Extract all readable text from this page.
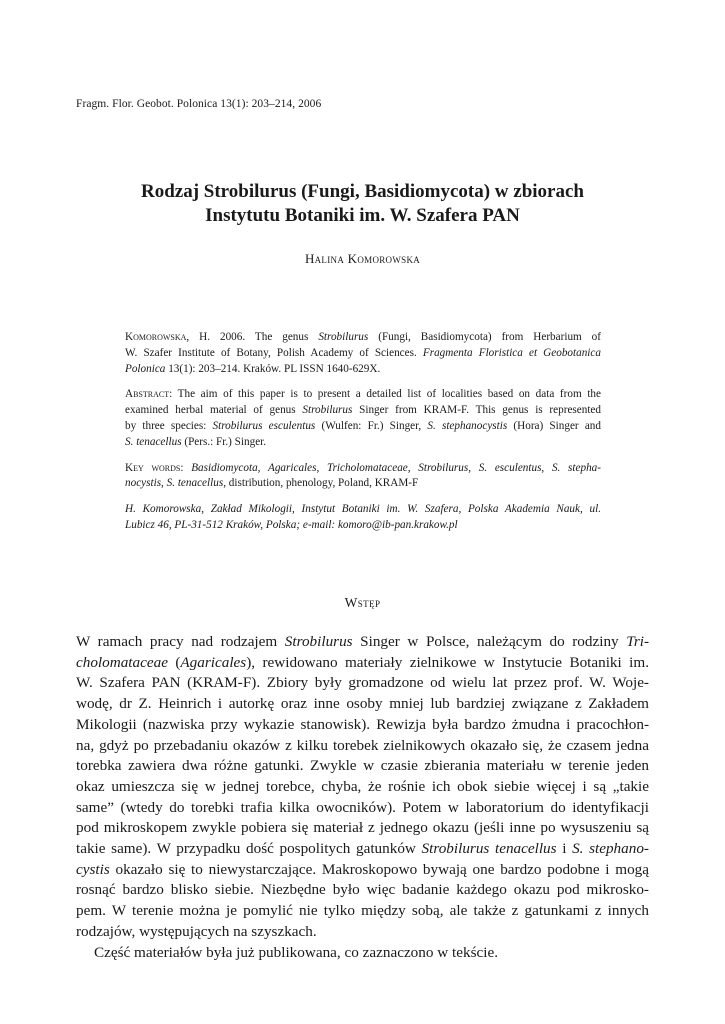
Fragm. Flor. Geobot. Polonica 13(1): 203–214, 2006
Rodzaj Strobilurus (Fungi, Basidiomycota) w zbiorach
Instytutu Botaniki im. W. Szafera PAN
Halina Komorowska

Komorowska, H. 2006. The genus Strobilurus (Fungi, Basidiomycota) from Herbarium of
W. Szafer Institute of Botany, Polish Academy of Sciences. Fragmenta Floristica et Geobotanica
Polonica 13(1): 203–214. Kraków. PL ISSN 1640-629X.

Abstract: The aim of this paper is to present a detailed list of localities based on data from the
examined herbal material of genus Strobilurus Singer from KRAM-F. This genus is represented
by three species: Strobilurus esculentus (Wulfen: Fr.) Singer, S. stephanocystis (Hora) Singer and
S. tenacellus (Pers.: Fr.) Singer.

Key words: Basidiomycota, Agaricales, Tricholomataceae, Strobilurus, S. esculentus, S. stepha-
nocystis, S. tenacellus, distribution, phenology, Poland, KRAM-F

H. Komorowska, Zakład Mikologii, Instytut Botaniki im. W. Szafera, Polska Akademia Nauk, ul.
Lubicz 46, PL-31-512 Kraków, Polska; e-mail: komoro@ib-pan.krakow.pl

Wstęp
W ramach pracy nad rodzajem Strobilurus Singer w Polsce, należącym do rodziny Tri-
cholomataceae (Agaricales), rewidowano materiały zielnikowe w Instytucie Botaniki im.
W. Szafera PAN (KRAM-F). Zbiory były gromadzone od wielu lat przez prof. W. Woje-
wodę, dr Z. Heinrich i autorkę oraz inne osoby mniej lub bardziej związane z Zakładem
Mikologii (nazwiska przy wykazie stanowisk). Rewizja była bardzo żmudna i pracochłon-
na, gdyż po przebadaniu okazów z kilku torebek zielnikowych okazało się, że czasem jedna
torebka zawiera dwa różne gatunki. Zwykle w czasie zbierania materiału w terenie jeden
okaz umieszcza się w jednej torebce, chyba, że rośnie ich obok siebie więcej i są „takie
same” (wtedy do torebki trafia kilka owocników). Potem w laboratorium do identyfikacji
pod mikroskopem zwykle pobiera się materiał z jednego okazu (jeśli inne po wysuszeniu są
takie same). W przypadku dość pospolitych gatunków Strobilurus tenacellus i S. stephano-
cystis okazało się to niewystarczające. Makroskopowo bywają one bardzo podobne i mogą
rosnąć bardzo blisko siebie. Niezbędne było więc badanie każdego okazu pod mikrosko-
pem. W terenie można je pomylić nie tylko między sobą, ale także z gatunkami z innych
rodzajów, występujących na szyszkach.
Część materiałów była już publikowana, co zaznaczono w tekście.
